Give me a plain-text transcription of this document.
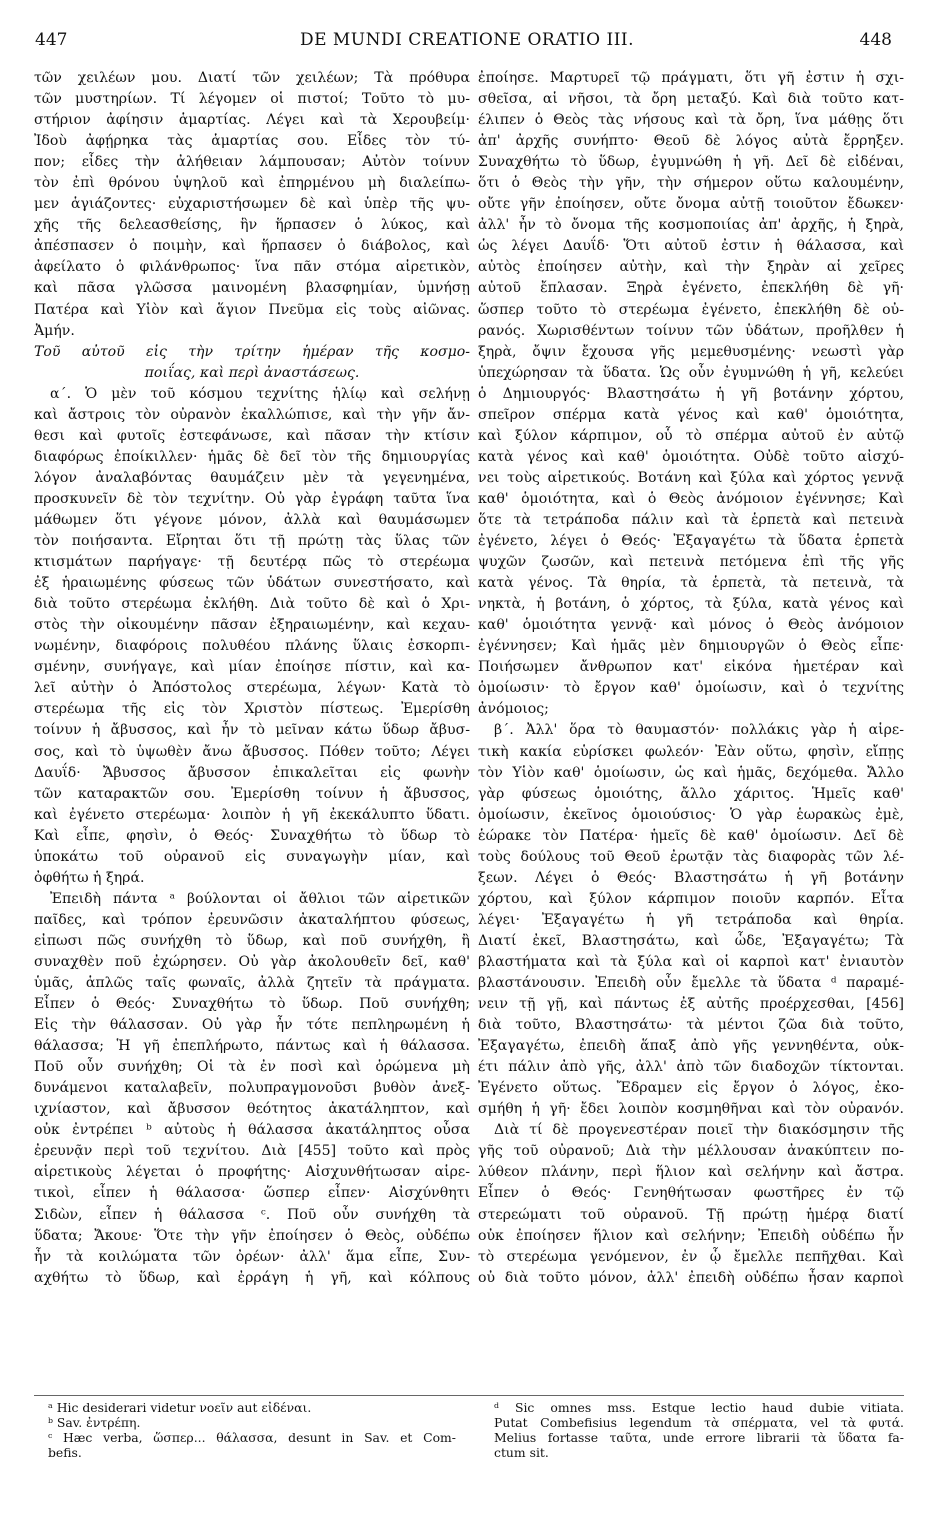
447	DE MUNDI CREATIONE ORATIO III.	448

τῶν χειλέων μου. Διατί τῶν χειλέων; Τὰ πρόθυρα

τῶν μυστηρίων. Τί λέγομεν οἱ πιστοί; Τοῦτο τὸ μυ-

στήριον ἀφίησιν ἁμαρτίας. Λέγει καὶ τὰ Χερουβείμ·

Ἰδοὺ ἀφῄρηκα τὰς ἁμαρτίας σου. Εἶδες τὸν τύ-

πον; εἶδες τὴν ἀλήθειαν λάμπουσαν; Αὐτὸν τοίνυν

τὸν ἐπὶ θρόνου ὑψηλοῦ καὶ ἐπηρμένου μὴ διαλείπω-

μεν ἁγιάζοντες· εὐχαριστήσωμεν δὲ καὶ ὑπὲρ τῆς ψυ-

χῆς τῆς δελεασθείσης, ἣν ἥρπασεν ὁ λύκος, καὶ

ἀπέσπασεν ὁ ποιμὴν, καὶ ἥρπασεν ὁ διάβολος, καὶ

ἀφείλατο ὁ φιλάνθρωπος· ἵνα πᾶν στόμα αἱρετικὸν,

καὶ πᾶσα γλῶσσα μαινομένη βλασφημίαν, ὑμνήσῃ

Πατέρα καὶ Υἱὸν καὶ ἅγιον Πνεῦμα εἰς τοὺς αἰῶνας.

Ἀμήν.

Τοῦ αὐτοῦ εἰς τὴν τρίτην ἡμέραν τῆς κοσμο-

ποιΐας, καὶ περὶ ἀναστάσεως.

α΄. Ὁ μὲν τοῦ κόσμου τεχνίτης ἡλίῳ καὶ σελήνῃ

καὶ ἄστροις τὸν οὐρανὸν ἐκαλλώπισε, καὶ τὴν γῆν ἄν-

θεσι καὶ φυτοῖς ἐστεφάνωσε, καὶ πᾶσαν τὴν κτίσιν

διαφόρως ἐποίκιλλεν· ἡμᾶς δὲ δεῖ τὸν τῆς δημιουργίας

λόγον ἀναλαβόντας θαυμάζειν μὲν τὰ γεγενημένα,

προσκυνεῖν δὲ τὸν τεχνίτην. Οὐ γὰρ ἐγράφη ταῦτα ἵνα

μάθωμεν ὅτι γέγονε μόνον, ἀλλὰ καὶ θαυμάσωμεν

τὸν ποιήσαντα. Εἴρηται ὅτι τῇ πρώτῃ τὰς ὕλας τῶν

κτισμάτων παρήγαγε· τῇ δευτέρᾳ πῶς τὸ στερέωμα

ἐξ ἡραιωμένης φύσεως τῶν ὑδάτων συνεστήσατο, καὶ

διὰ τοῦτο στερέωμα ἐκλήθη. Διὰ τοῦτο δὲ καὶ ὁ Χρι-

στὸς τὴν οἰκουμένην πᾶσαν ἐξηραιωμένην, καὶ κεχαυ-

νωμένην, διαφόροις πολυθέου πλάνης ὕλαις ἐσκορπι-

σμένην, συνήγαγε, καὶ μίαν ἐποίησε πίστιν, καὶ κα-

λεῖ αὐτὴν ὁ Ἀπόστολος στερέωμα, λέγων· Κατὰ τὸ

στερέωμα τῆς εἰς τὸν Χριστὸν πίστεως. Ἐμερίσθη

τοίνυν ἡ ἄβυσσος, καὶ ἦν τὸ μεῖναν κάτω ὕδωρ ἄβυσ-

σος, καὶ τὸ ὑψωθὲν ἄνω ἄβυσσος. Πόθεν τοῦτο; Λέγει

Δαυΐδ· Ἄβυσσος ἄβυσσον ἐπικαλεῖται εἰς φωνὴν

τῶν καταρακτῶν σου. Ἐμερίσθη τοίνυν ἡ ἄβυσσος,

καὶ ἐγένετο στερέωμα· λοιπὸν ἡ γῆ ἐκεκάλυπτο ὕδατι.

Καὶ εἶπε, φησὶν, ὁ Θεός· Συναχθήτω τὸ ὕδωρ τὸ

ὑποκάτω τοῦ οὐρανοῦ εἰς συναγωγὴν μίαν, καὶ

ὀφθήτω ἡ ξηρά.

Ἐπειδὴ πάντα ᵃ βούλονται οἱ ἄθλιοι τῶν αἱρετικῶν

παῖδες, καὶ τρόπον ἐρευνῶσιν ἀκαταλήπτου φύσεως,

εἰπωσι πῶς συνήχθη τὸ ὕδωρ, καὶ ποῦ συνήχθη, ἢ

συναχθὲν ποῦ ἐχώρησεν. Οὐ γὰρ ἀκολουθεῖν δεῖ, καθ'

ὑμᾶς, ἁπλῶς ταῖς φωναῖς, ἀλλὰ ζητεῖν τὰ πράγματα.

Εἶπεν ὁ Θεός· Συναχθήτω τὸ ὕδωρ. Ποῦ συνήχθη;

Εἰς τὴν θάλασσαν. Οὐ γὰρ ἦν τότε πεπληρωμένη ἡ

θάλασσα; Ἡ γῆ ἐπεπλήρωτο, πάντως καὶ ἡ θάλασσα.

Ποῦ οὖν συνήχθη; Οἱ τὰ ἐν ποσὶ καὶ ὁρώμενα μὴ

δυνάμενοι καταλαβεῖν, πολυπραγμονοῦσι βυθὸν ἀνεξ-

ιχνίαστον, καὶ ἄβυσσον θεότητος ἀκατάληπτον, καὶ

οὐκ ἐντρέπει ᵇ αὐτοὺς ἡ θάλασσα ἀκατάληπτος οὖσα

ἐρευνᾷν περὶ τοῦ τεχνίτου. Διὰ [455] τοῦτο καὶ πρὸς

αἱρετικοὺς λέγεται ὁ προφήτης· Αἰσχυνθήτωσαν αἱρε-

τικοὶ, εἶπεν ἡ θάλασσα· ὥσπερ εἶπεν· Αἰσχύνθητι

Σιδὼν, εἶπεν ἡ θάλασσα ᶜ. Ποῦ οὖν συνήχθη τὰ

ὕδατα; Ἄκουε· Ὅτε τὴν γῆν ἐποίησεν ὁ Θεὸς, οὐδέπω

ἦν τὰ κοιλώματα τῶν ὀρέων· ἀλλ' ἅμα εἶπε, Συν-

αχθήτω τὸ ὕδωρ, καὶ ἐρράγη ἡ γῆ, καὶ κόλπους

ἐποίησε. Μαρτυρεῖ τῷ πράγματι, ὅτι γῆ ἐστιν ἡ σχι-

σθεῖσα, αἱ νῆσοι, τὰ ὄρη μεταξύ. Καὶ διὰ τοῦτο κατ-

έλιπεν ὁ Θεὸς τὰς νήσους καὶ τὰ ὄρη, ἵνα μάθῃς ὅτι

ἀπ' ἀρχῆς συνήπτο· Θεοῦ δὲ λόγος αὐτὰ ἔρρηξεν.

Συναχθήτω τὸ ὕδωρ, ἐγυμνώθη ἡ γῆ. Δεῖ δὲ εἰδέναι,

ὅτι ὁ Θεὸς τὴν γῆν, τὴν σήμερον οὕτω καλουμένην,

οὔτε γῆν ἐποίησεν, οὔτε ὄνομα αὐτῇ τοιοῦτον ἔδωκεν·

ἀλλ' ἦν τὸ ὄνομα τῆς κοσμοποιίας ἀπ' ἀρχῆς, ἡ ξηρὰ,

ὡς λέγει Δαυΐδ· Ὅτι αὐτοῦ ἐστιν ἡ θάλασσα, καὶ

αὐτὸς ἐποίησεν αὐτὴν, καὶ τὴν ξηρὰν αἱ χεῖρες

αὐτοῦ ἔπλασαν. Ξηρὰ ἐγένετο, ἐπεκλήθη δὲ γῆ·

ὥσπερ τοῦτο τὸ στερέωμα ἐγένετο, ἐπεκλήθη δὲ οὐ-

ρανός. Χωρισθέντων τοίνυν τῶν ὑδάτων, προῆλθεν ἡ

ξηρὰ, ὄψιν ἔχουσα γῆς μεμεθυσμένης· νεωστὶ γὰρ

ὑπεχώρησαν τὰ ὕδατα. Ὡς οὖν ἐγυμνώθη ἡ γῆ, κελεύει

ὁ Δημιουργός· Βλαστησάτω ἡ γῆ βοτάνην χόρτου,

σπεῖρον σπέρμα κατὰ γένος καὶ καθ' ὁμοιότητα,

καὶ ξύλον κάρπιμον, οὗ τὸ σπέρμα αὐτοῦ ἐν αὐτῷ

κατὰ γένος καὶ καθ' ὁμοιότητα. Οὐδὲ τοῦτο αἰσχύ-

νει τοὺς αἱρετικούς. Βοτάνη καὶ ξύλα καὶ χόρτος γεννᾷ

καθ' ὁμοιότητα, καὶ ὁ Θεὸς ἀνόμοιον ἐγέννησε; Καὶ

ὅτε τὰ τετράποδα πάλιν καὶ τὰ ἑρπετὰ καὶ πετεινὰ

ἐγένετο, λέγει ὁ Θεός· Ἐξαγαγέτω τὰ ὕδατα ἑρπετὰ

ψυχῶν ζωσῶν, καὶ πετεινὰ πετόμενα ἐπὶ τῆς γῆς

κατὰ γένος. Τὰ θηρία, τὰ ἑρπετὰ, τὰ πετεινὰ, τὰ

νηκτὰ, ἡ βοτάνη, ὁ χόρτος, τὰ ξύλα, κατὰ γένος καὶ

καθ' ὁμοιότητα γεννᾷ· καὶ μόνος ὁ Θεὸς ἀνόμοιον

ἐγέννησεν; Καὶ ἡμᾶς μὲν δημιουργῶν ὁ Θεὸς εἶπε·

Ποιήσωμεν ἄνθρωπον κατ' εἰκόνα ἡμετέραν καὶ

ὁμοίωσιν· τὸ ἔργον καθ' ὁμοίωσιν, καὶ ὁ τεχνίτης

ἀνόμοιος;

β΄. Ἀλλ' ὅρα τὸ θαυμαστόν· πολλάκις γὰρ ἡ αἱρε-

τικὴ κακία εὑρίσκει φωλεόν· Ἐὰν οὕτω, φησὶν, εἴπῃς

τὸν Υἱὸν καθ' ὁμοίωσιν, ὡς καὶ ἡμᾶς, δεχόμεθα. Ἄλλο

γὰρ φύσεως ὁμοιότης, ἄλλο χάριτος. Ἡμεῖς καθ'

ὁμοίωσιν, ἐκεῖνος ὁμοιούσιος· Ὁ γὰρ ἑωρακὼς ἐμὲ,

ἑώρακε τὸν Πατέρα· ἡμεῖς δὲ καθ' ὁμοίωσιν. Δεῖ δὲ

τοὺς δούλους τοῦ Θεοῦ ἐρωτᾷν τὰς διαφορὰς τῶν λέ-

ξεων. Λέγει ὁ Θεός· Βλαστησάτω ἡ γῆ βοτάνην

χόρτου, καὶ ξύλον κάρπιμον ποιοῦν καρπόν. Εἶτα

λέγει· Ἐξαγαγέτω ἡ γῆ τετράποδα καὶ θηρία.

Διατί ἐκεῖ, Βλαστησάτω, καὶ ὧδε, Ἐξαγαγέτω; Τὰ

βλαστήματα καὶ τὰ ξύλα καὶ οἱ καρποὶ κατ' ἐνιαυτὸν

βλαστάνουσιν. Ἐπειδὴ οὖν ἔμελλε τὰ ὕδατα ᵈ παραμέ-

νειν τῇ γῇ, καὶ πάντως ἐξ αὐτῆς προέρχεσθαι, [456]

διὰ τοῦτο, Βλαστησάτω· τὰ μέντοι ζῶα διὰ τοῦτο,

Ἐξαγαγέτω, ἐπειδὴ ἅπαξ ἀπὸ γῆς γεννηθέντα, οὐκ-

έτι πάλιν ἀπὸ γῆς, ἀλλ' ἀπὸ τῶν διαδοχῶν τίκτονται.

Ἐγένετο οὕτως. Ἔδραμεν εἰς ἔργον ὁ λόγος, ἐκο-

σμήθη ἡ γῆ· ἔδει λοιπὸν κοσμηθῆναι καὶ τὸν οὐρανόν.

Διὰ τί δὲ προγενεστέραν ποιεῖ τὴν διακόσμησιν τῆς

γῆς τοῦ οὐρανοῦ; Διὰ τὴν μέλλουσαν ἀνακύπτειν πο-

λύθεον πλάνην, περὶ ἥλιον καὶ σελήνην καὶ ἄστρα.

Εἶπεν ὁ Θεός· Γενηθήτωσαν φωστῆρες ἐν τῷ

στερεώματι τοῦ οὐρανοῦ. Τῇ πρώτῃ ἡμέρᾳ διατί

οὐκ ἐποίησεν ἥλιον καὶ σελήνην; Ἐπειδὴ οὐδέπω ἦν

τὸ στερέωμα γενόμενον, ἐν ᾧ ἔμελλε πεπῆχθαι. Καὶ

οὐ διὰ τοῦτο μόνον, ἀλλ' ἐπειδὴ οὐδέπω ἦσαν καρποὶ

ᵃ Hic desiderari videtur νοεῖν aut εἰδέναι.

ᵇ Sav. ἐντρέπη.

ᶜ Hæc verba, ὥσπερ... θάλασσα, desunt in Sav. et Com-

befis.

ᵈ Sic omnes mss. Estque lectio haud dubie vitiata.

Putat Combefisius legendum τὰ σπέρματα, vel τὰ φυτά.

Melius fortasse ταῦτα, unde errore librarii τὰ ὕδατα fa-

ctum sit.
